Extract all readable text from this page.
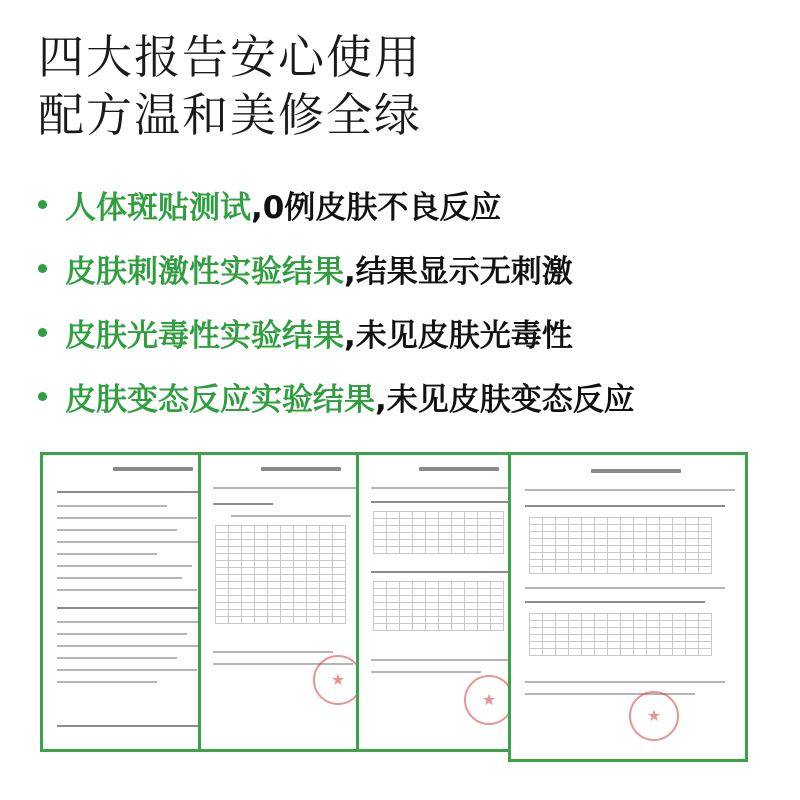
四大报告安心使用
配方温和美修全绿
人体斑贴测试 ,0例皮肤不良反应
皮肤刺激性实验结果 ,结果显示无刺激
皮肤光毒性实验结果 ,未见皮肤光毒性
皮肤变态反应实验结果 ,未见皮肤变态反应

★

★

★
